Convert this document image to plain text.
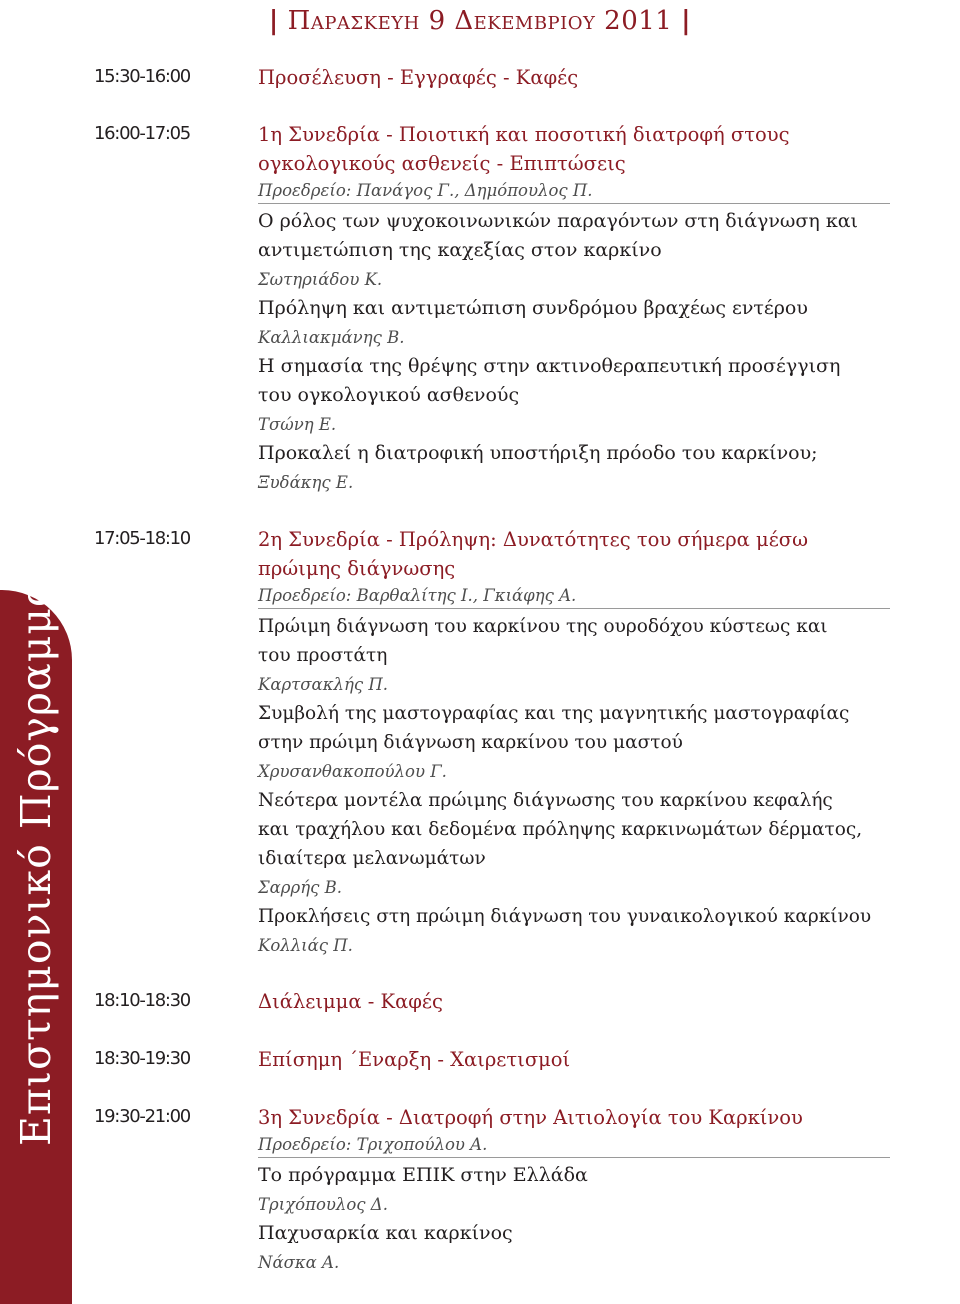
Επιστημονικό Πρόγραμμα
| Παρασκευη 9 Δεκεμβριου 2011 |
15:30-16:00	Προσέλευση - Εγγραφές - Καφές
16:00-17:05	1η Συνεδρία - Ποιοτική και ποσοτική διατροφή στους
ογκολογικούς ασθενείς - Επιπτώσεις
Προεδρείο: Πανάγος Γ., Δημόπουλος Π.
Ο ρόλος των ψυχοκοινωνικών παραγόντων στη διάγνωση και
αντιμετώπιση της καχεξίας στον καρκίνο
Σωτηριάδου Κ.
Πρόληψη και αντιμετώπιση συνδρόμου βραχέως εντέρου
Καλλιακμάνης Β.
Η σημασία της θρέψης στην ακτινοθεραπευτική προσέγγιση
του ογκολογικού ασθενούς
Τσώνη Ε.
Προκαλεί η διατροφική υποστήριξη πρόοδο του καρκίνου;
Ξυδάκης Ε.
17:05-18:10	2η Συνεδρία - Πρόληψη: Δυνατότητες του σήμερα μέσω
πρώιμης διάγνωσης
Προεδρείο: Βαρθαλίτης Ι., Γκιάφης Α.
Πρώιμη διάγνωση του καρκίνου της ουροδόχου κύστεως και
του προστάτη
Καρτσακλής Π.
Συμβολή της μαστογραφίας και της μαγνητικής μαστογραφίας
στην πρώιμη διάγνωση καρκίνου του μαστού
Χρυσανθακοπούλου Γ.
Νεότερα μοντέλα πρώιμης διάγνωσης του καρκίνου κεφαλής
και τραχήλου και δεδομένα πρόληψης καρκινωμάτων δέρματος,
ιδιαίτερα μελανωμάτων
Σαρρής Β.
Προκλήσεις στη πρώιμη διάγνωση του γυναικολογικού καρκίνου
Κολλιάς Π.
18:10-18:30	Διάλειμμα - Καφές
18:30-19:30	Επίσημη ΄Εναρξη - Χαιρετισμοί
19:30-21:00	3η Συνεδρία - Διατροφή στην Αιτιολογία του Καρκίνου
Προεδρείο: Τριχοπούλου Α.
Το πρόγραμμα ΕΠΙΚ στην Ελλάδα
Τριχόπουλος Δ.
Παχυσαρκία και καρκίνος
Νάσκα Α.
